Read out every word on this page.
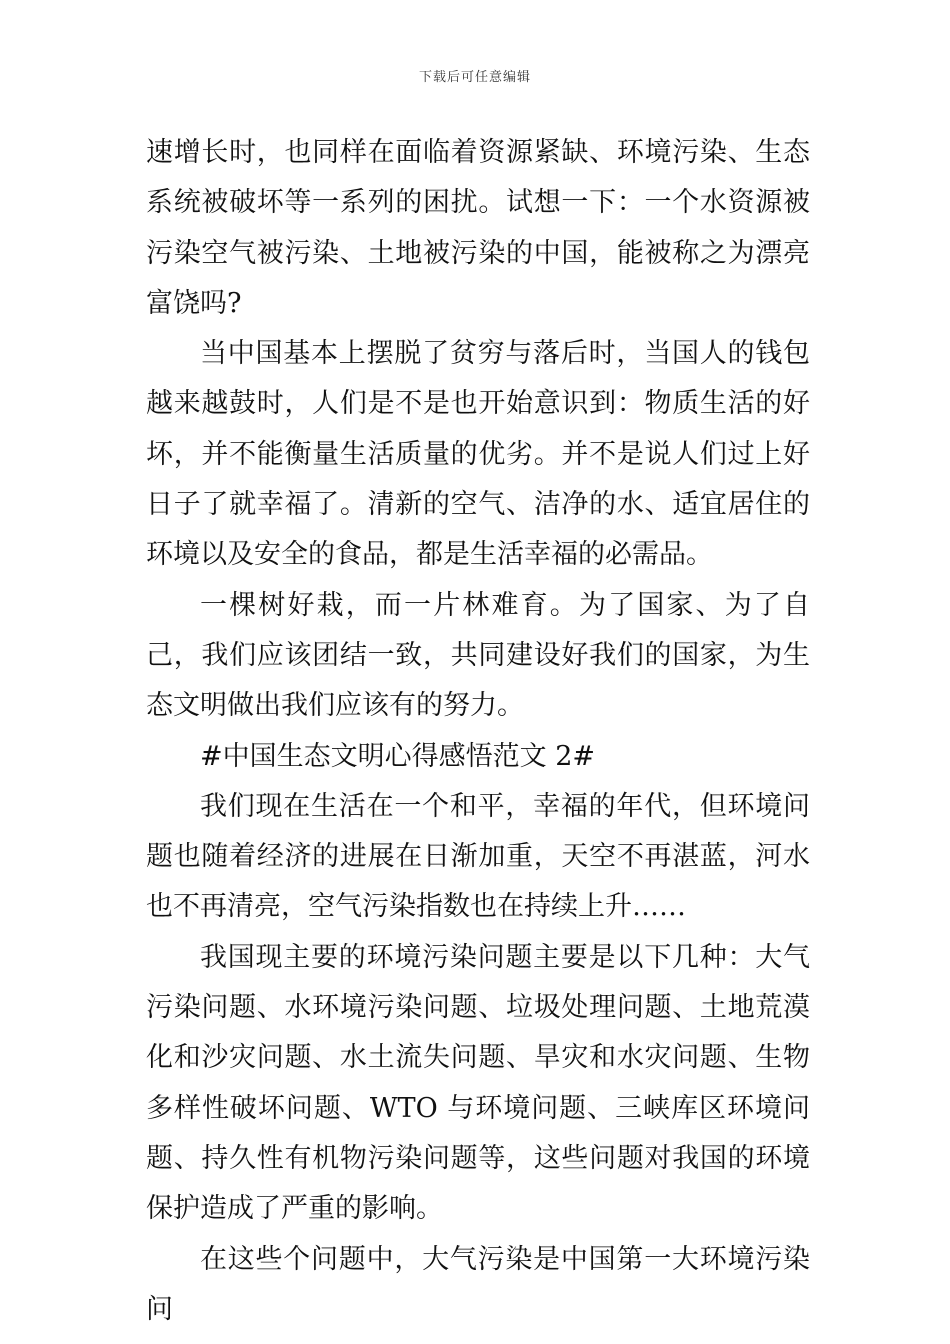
下载后可任意编辑

速增长时，也同样在面临着资源紧缺、环境污染、生态系统被破坏等一系列的困扰。试想一下：一个水资源被污染空气被污染、土地被污染的中国，能被称之为漂亮富饶吗?

当中国基本上摆脱了贫穷与落后时，当国人的钱包越来越鼓时，人们是不是也开始意识到：物质生活的好坏，并不能衡量生活质量的优劣。并不是说人们过上好日子了就幸福了。清新的空气、洁净的水、适宜居住的环境以及安全的食品，都是生活幸福的必需品。

一棵树好栽，而一片林难育。为了国家、为了自己，我们应该团结一致，共同建设好我们的国家，为生态文明做出我们应该有的努力。

#中国生态文明心得感悟范文 2#

我们现在生活在一个和平，幸福的年代，但环境问题也随着经济的进展在日渐加重，天空不再湛蓝，河水也不再清亮，空气污染指数也在持续上升……

我国现主要的环境污染问题主要是以下几种：大气污染问题、水环境污染问题、垃圾处理问题、土地荒漠化和沙灾问题、水土流失问题、旱灾和水灾问题、生物多样性破坏问题、WTO 与环境问题、三峡库区环境问题、持久性有机物污染问题等，这些问题对我国的环境保护造成了严重的影响。

在这些个问题中，大气污染是中国第一大环境污染问
